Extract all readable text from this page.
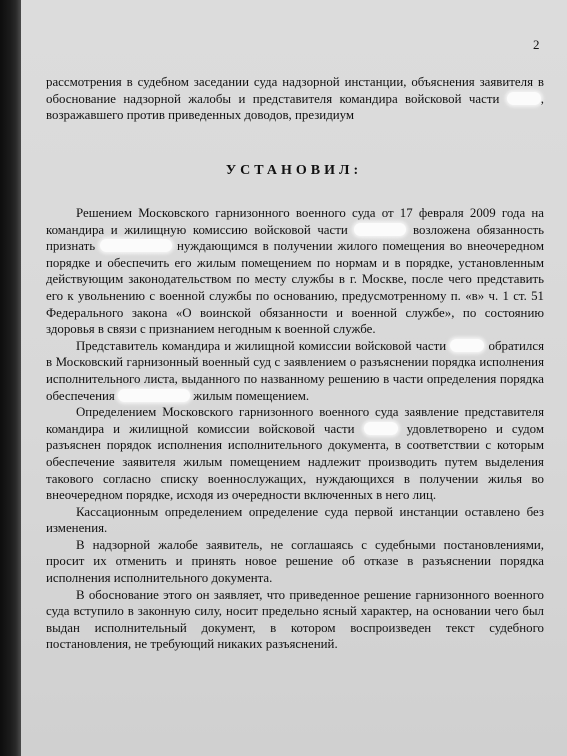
2

рассмотрения в судебном заседании суда надзорной инстанции, объяснения заявителя в обоснование надзорной жалобы и представителя командира войсковой части	, возражавшего против приведенных доводов, президиум

УСТАНОВИЛ:

Решением Московского гарнизонного военного суда от 17 февраля 2009 года на командира и жилищную комиссию войсковой части	возложена обязанность признать	нуждающимся в получении жилого помещения во внеочередном порядке и обеспечить его жилым помещением по нормам и в порядке, установленным действующим законодательством по месту службы в г. Москве, после чего представить его к увольнению с военной службы по основанию, предусмотренному п. «в» ч. 1 ст. 51 Федерального закона «О воинской обязанности и военной службе», по состоянию здоровья в связи с признанием негодным к военной службе.

Представитель командира и жилищной комиссии войсковой части	обратился в Московский гарнизонный военный суд с заявлением о разъяснении порядка исполнения исполнительного листа, выданного по названному решению в части определения порядка обеспечения	жилым помещением.

Определением Московского гарнизонного военного суда заявление представителя командира и жилищной комиссии войсковой части	удовлетворено и судом разъяснен порядок исполнения исполнительного документа, в соответствии с которым обеспечение заявителя жилым помещением надлежит производить путем выделения такового согласно списку военнослужащих, нуждающихся в получении жилья во внеочередном порядке, исходя из очередности включенных в него лиц.

Кассационным определением определение суда первой инстанции оставлено без изменения.

В надзорной жалобе заявитель, не соглашаясь с судебными постановлениями, просит их отменить и принять новое решение об отказе в разъяснении порядка исполнения исполнительного документа.

В обоснование этого он заявляет, что приведенное решение гарнизонного военного суда вступило в законную силу, носит предельно ясный характер, на основании чего был выдан исполнительный документ, в котором воспроизведен текст судебного постановления, не требующий никаких разъяснений.
